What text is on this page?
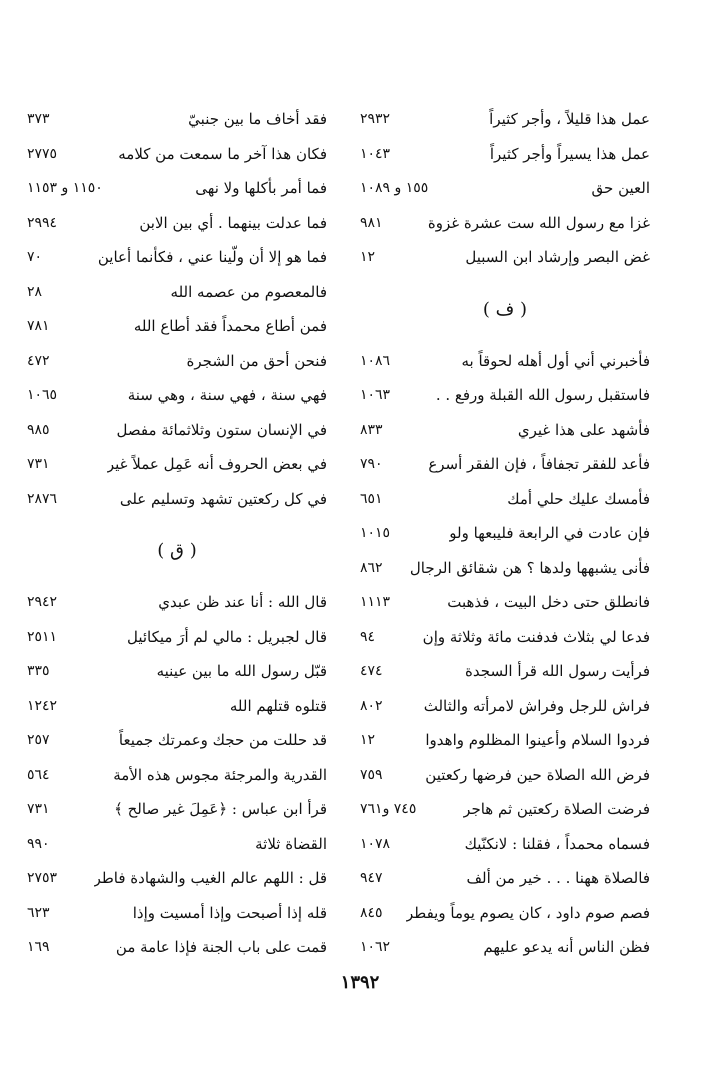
عمل هذا قليلاً ، وأجر كثيراً
٢٩٣٢
عمل هذا يسيراً وأجر كثيراً
١٠٤٣
العين حق
١٥٥ و ١٠٨٩
غزا مع رسول الله ست عشرة غزوة
٩٨١
غض البصر وإرشاد ابن السبيل
١٢
( ف )
فأخبرني أني أول أهله لحوقاً به
١٠٨٦
فاستقبل رسول الله القبلة ورفع . .
١٠٦٣
فأشهد على هذا غيري
٨٣٣
فأعد للفقر تجفافاً ، فإن الفقر أسرع
٧٩٠
فأمسك عليك حلي أمك
٦٥١
فإن عادت في الرابعة فليبعها ولو
١٠١٥
فأنى يشبهها ولدها ؟ هن شقائق الرجال
٨٦٢
فانطلق حتى دخل البيت ، فذهبت
١١١٣
فدعا لي بثلاث فدفنت مائة وثلاثة وإن
٩٤
فرأيت رسول الله قرأ السجدة
٤٧٤
فراش للرجل وفراش لامرأته والثالث
٨٠٢
فردوا السلام وأعينوا المظلوم واهدوا
١٢
فرض الله الصلاة حين فرضها ركعتين
٧٥٩
فرضت الصلاة ركعتين ثم هاجر
٧٤٥ و٧٦١
فسماه محمداً ، فقلنا : لانكنّيك
١٠٧٨
فالصلاة ههنا . . . خير من ألف
٩٤٧
فصم صوم داود ، كان يصوم يوماً ويفطر
٨٤٥
فظن الناس أنه يدعو عليهم
١٠٦٢
فقد أخاف ما بين جنبيّ
٣٧٣
فكان هذا آخر ما سمعت من كلامه
٢٧٧٥
فما أمر بأكلها ولا نهى
١١٥٠ و ١١٥٣
فما عدلت بينهما . أي بين الابن
٢٩٩٤
فما هو إلا أن ولّينا عني ، فكأنما أعاين
٧٠
فالمعصوم من عصمه الله
٢٨
فمن أطاع محمداً فقد أطاع الله
٧٨١
فنحن أحق من الشجرة
٤٧٢
فهي سنة ، فهي سنة ، وهي سنة
١٠٦٥
في الإنسان ستون وثلاثمائة مفصل
٩٨٥
في بعض الحروف أنه عَمِل عملاً غير
٧٣١
في كل ركعتين تشهد وتسليم على
٢٨٧٦
( ق )
قال الله : أنا عند ظن عبدي
٢٩٤٢
قال لجبريل : مالي لم أرَ ميكائيل
٢٥١١
قبّل رسول الله ما بين عينيه
٣٣٥
قتلوه قتلهم الله
١٢٤٢
قد حللت من حجك وعمرتك جميعاً
٢٥٧
القدرية والمرجئة مجوس هذه الأمة
٥٦٤
قرأ ابن عباس : ﴿عَمِلَ غير صالح ﴾
٧٣١
القضاة ثلاثة
٩٩٠
قل : اللهم عالم الغيب والشهادة فاطر
٢٧٥٣
قله إذا أصبحت وإذا أمسيت وإذا
٦٢٣
قمت على باب الجنة فإذا عامة من
١٦٩
١٣٩٢
